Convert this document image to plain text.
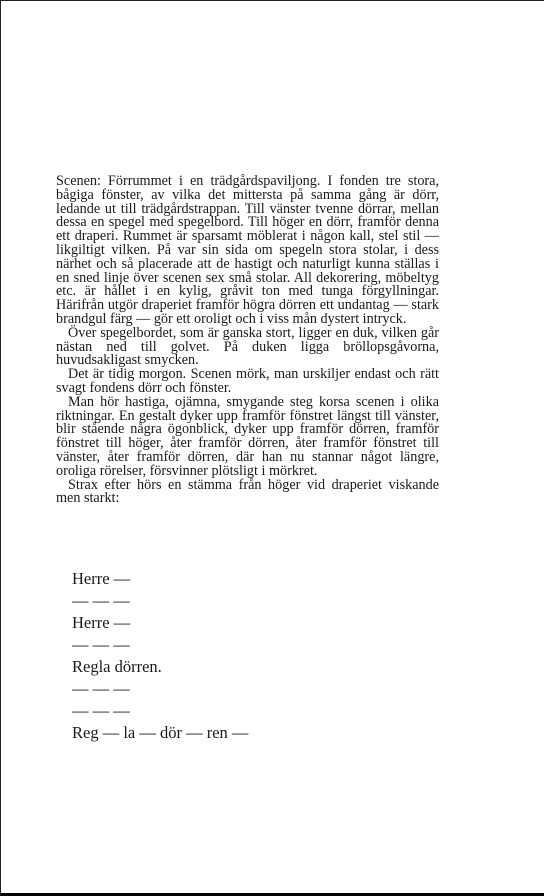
Scenen: Förrummet i en trädgårdspaviljong. I fonden tre stora, bågiga fönster, av vilka det mittersta på samma gång är dörr, ledande ut till trädgårdstrappan. Till vänster tvenne dörrar, mellan dessa en spegel med spegelbord. Till höger en dörr, framför denna ett draperi. Rummet är sparsamt möblerat i någon kall, stel stil — likgiltigt vilken. På var sin sida om spegeln stora stolar, i dess närhet och så placerade att de hastigt och naturligt kunna ställas i en sned linje över scenen sex små stolar. All dekorering, möbeltyg etc. är hållet i en kylig, gråvit ton med tunga förgyllningar. Härifrån utgör draperiet framför högra dörren ett undantag — stark brandgul färg — gör ett oroligt och i viss mån dystert intryck.

Över spegelbordet, som är ganska stort, ligger en duk, vilken går nästan ned till golvet. På duken ligga bröllopsgåvorna, huvudsakligast smycken.

Det är tidig morgon. Scenen mörk, man urskiljer endast och rätt svagt fondens dörr och fönster.

Man hör hastiga, ojämna, smygande steg korsa scenen i olika riktningar. En gestalt dyker upp framför fönstret längst till vänster, blir stående några ögonblick, dyker upp framför dörren, framför fönstret till höger, åter framför dörren, åter framför fönstret till vänster, åter framför dörren, där han nu stannar något längre, oroliga rörelser, försvinner plötsligt i mörkret.

Strax efter hörs en stämma från höger vid draperiet viskande men starkt:

Herre —
— — —
Herre —
— — —
Regla dörren.
— — —
— — —
Reg — la — dör — ren —
